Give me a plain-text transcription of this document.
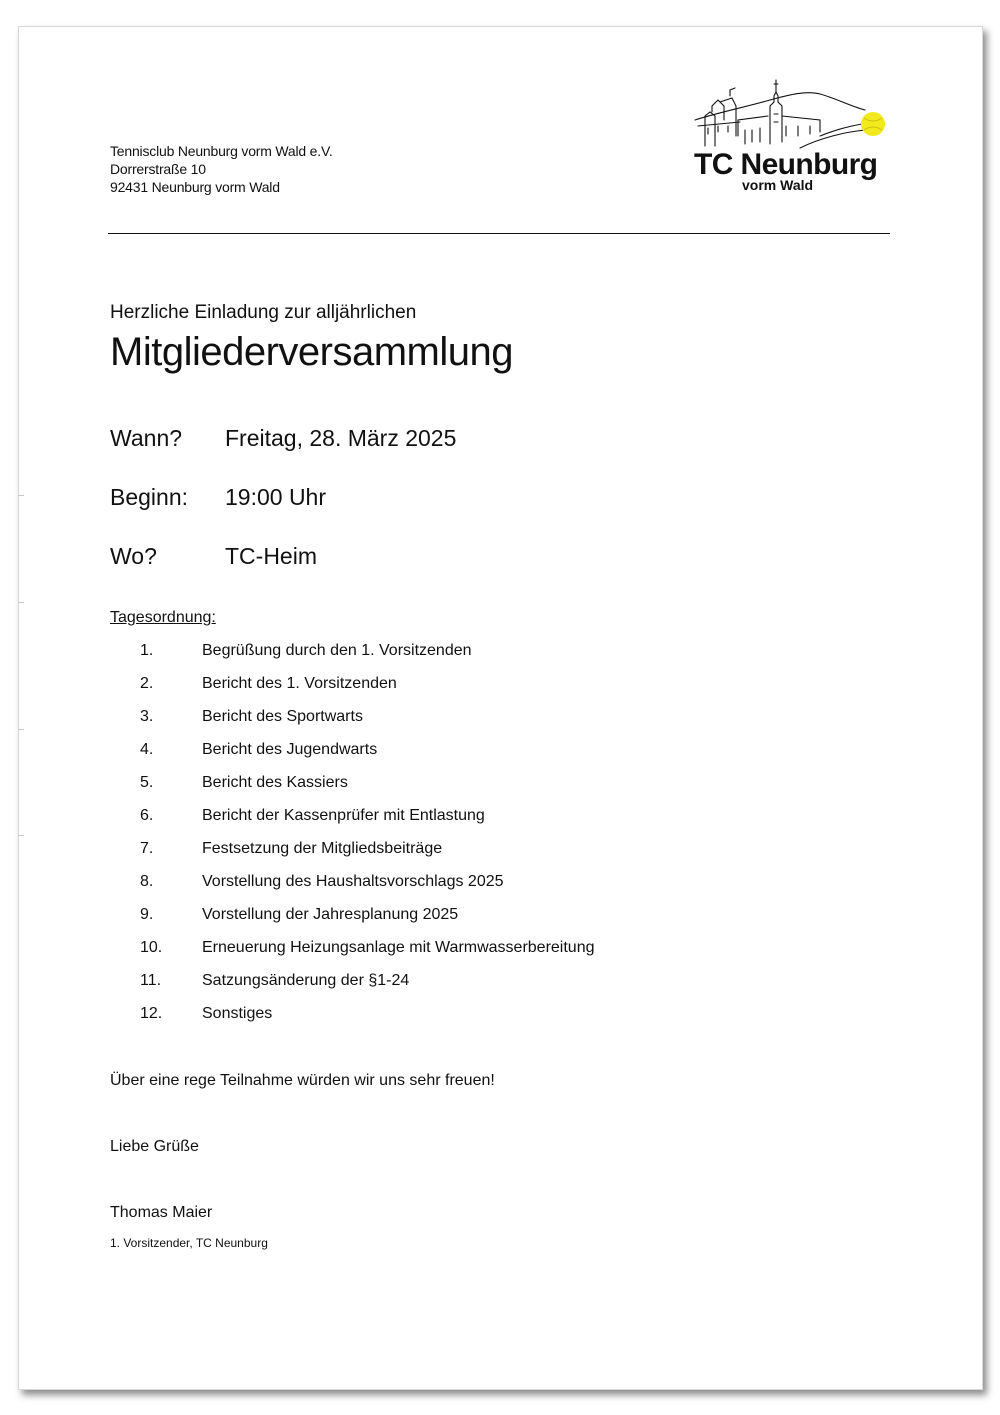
Tennisclub Neunburg vorm Wald e.V.
Dorrerstraße 10
92431 Neunburg vorm Wald
TC Neunburg
vorm Wald
Herzliche Einladung zur alljährlichen
Mitgliederversammlung
Wann? Freitag, 28. März 2025
Beginn: 19:00 Uhr
Wo?	TC-Heim
Tagesordnung:
1.	Begrüßung durch den 1. Vorsitzenden
2.	Bericht des 1. Vorsitzenden
3.	Bericht des Sportwarts
4.	Bericht des Jugendwarts
5.	Bericht des Kassiers
6.	Bericht der Kassenprüfer mit Entlastung
7.	Festsetzung der Mitgliedsbeiträge
8.	Vorstellung des Haushaltsvorschlags 2025
9.	Vorstellung der Jahresplanung 2025
10. Erneuerung Heizungsanlage mit Warmwasserbereitung
11.	Satzungsänderung der §1-24
12. Sonstiges
Über eine rege Teilnahme würden wir uns sehr freuen!
Liebe Grüße
Thomas Maier
1. Vorsitzender, TC Neunburg
